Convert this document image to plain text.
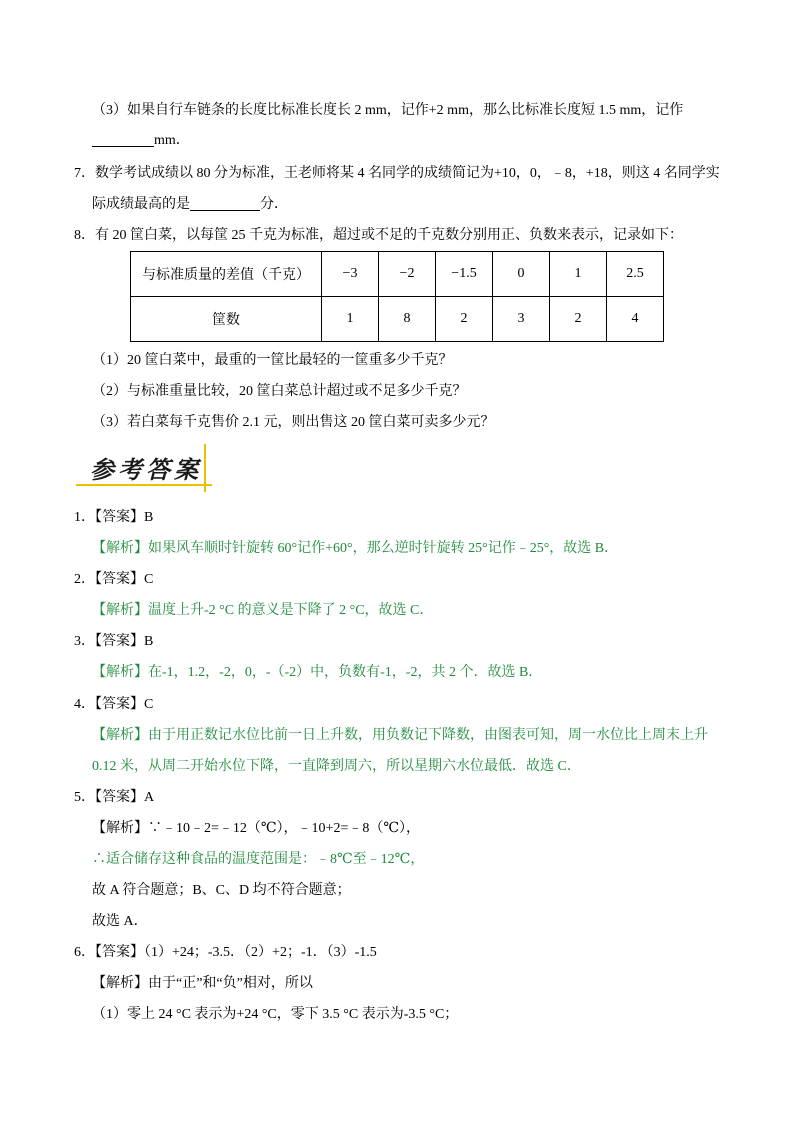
（3）如果自行车链条的长度比标准长度长 2 mm，记作+2 mm，那么比标准长度短 1.5 mm，记作
mm．
7．数学考试成绩以 80 分为标准，王老师将某 4 名同学的成绩简记为+10，0，﹣8，+18，则这 4 名同学实
际成绩最高的是	分．
8．有 20 筐白菜，以每筐 25 千克为标准，超过或不足的千克数分别用正、负数来表示，记录如下：
与标准质量的差值（千克）	−3	−2	−1.5	0	1	2.5
筐数	1	8	2	3	2	4
（1）20 筐白菜中，最重的一筐比最轻的一筐重多少千克？
（2）与标准重量比较，20 筐白菜总计超过或不足多少千克？
（3）若白菜每千克售价 2.1 元，则出售这 20 筐白菜可卖多少元？
参考答案
1．【答案】B
【解析】如果风车顺时针旋转 60°记作+60°，那么逆时针旋转 25°记作﹣25°，故选 B．
2．【答案】C
【解析】温度上升-2 °C 的意义是下降了 2 °C，故选 C．
3．【答案】B
【解析】在-1，1.2，-2，0，-（-2）中，负数有-1，-2，共 2 个．故选 B．
4．【答案】C
【解析】由于用正数记水位比前一日上升数，用负数记下降数，由图表可知，周一水位比上周末上升
0.12 米，从周二开始水位下降，一直降到周六，所以星期六水位最低．故选 C．
5．【答案】A
【解析】∵﹣10﹣2=﹣12（℃），﹣10+2=﹣8（℃），
∴适合储存这种食品的温度范围是：﹣8℃至﹣12℃，
故 A 符合题意；B、C、D 均不符合题意；
故选 A．
6．【答案】（1）+24；-3.5．（2）+2；-1．（3）-1.5
【解析】由于“正”和“负”相对，所以
（1）零上 24 °C 表示为+24 °C，零下 3.5 °C 表示为-3.5 °C；
